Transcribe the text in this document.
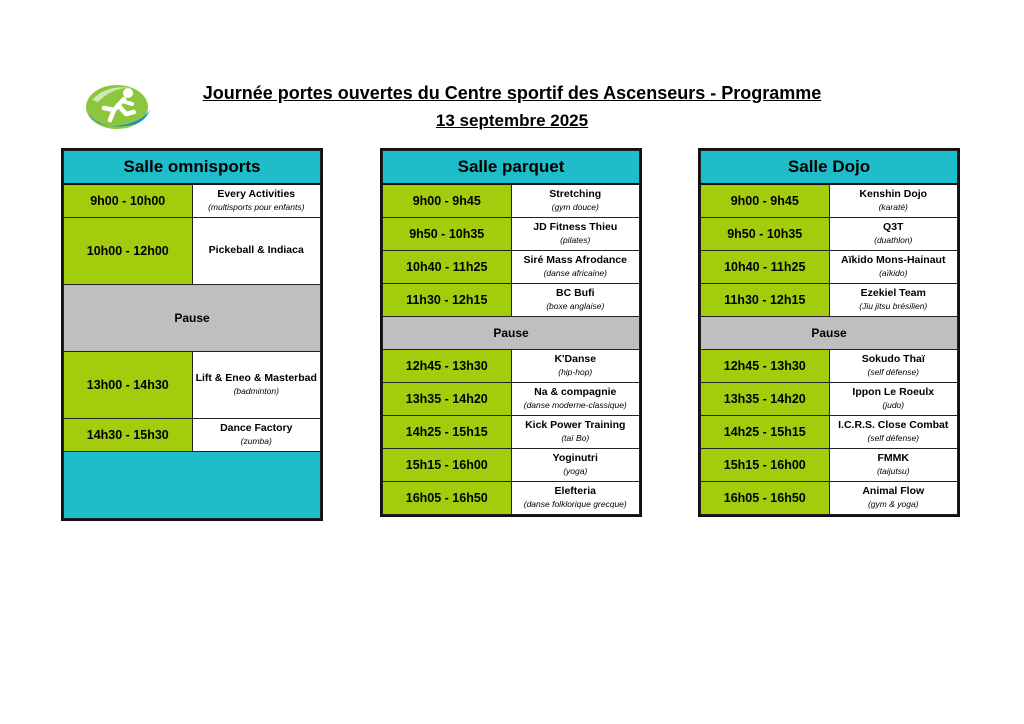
Journée portes ouvertes du Centre sportif des Ascenseurs - Programme
13 septembre 2025
Salle omnisports	
9h00 - 10h00	Every Activities
(multisports pour enfants)

10h00 - 12h00	Pickeball & Indiaca

Pause	
13h00 - 14h30	Lift & Eneo & Masterbad
(badminton)

14h30 - 15h30	Dance Factory
(zumba)

Salle parquet	
9h00 - 9h45	Stretching
(gym douce)

9h50 - 10h35	JD Fitness Thieu
(pilates)

10h40 - 11h25	Siré Mass Afrodance
(danse africaine)

11h30 - 12h15	BC Bufi
(boxe anglaise)

Pause	
12h45 - 13h30	K'Danse
(hip-hop)

13h35 - 14h20	Na & compagnie
(danse moderne-classique)

14h25 - 15h15	Kick Power Training
(taï Bo)

15h15 - 16h00	Yoginutri
(yoga)

16h05 - 16h50	Elefteria
(danse folklorique grecque)
Salle Dojo	
9h00 - 9h45	Kenshin Dojo
(karaté)

9h50 - 10h35	Q3T
(duathlon)

10h40 - 11h25	Aïkido Mons-Hainaut
(aïkido)

11h30 - 12h15	Ezekiel Team
(Jiu jitsu brésilien)

Pause	
12h45 - 13h30	Sokudo Thaï
(self défense)

13h35 - 14h20	Ippon Le Roeulx
(judo)

14h25 - 15h15	I.C.R.S. Close Combat
(self défense)

15h15 - 16h00	FMMK
(taijutsu)

16h05 - 16h50	Animal Flow
(gym & yoga)
